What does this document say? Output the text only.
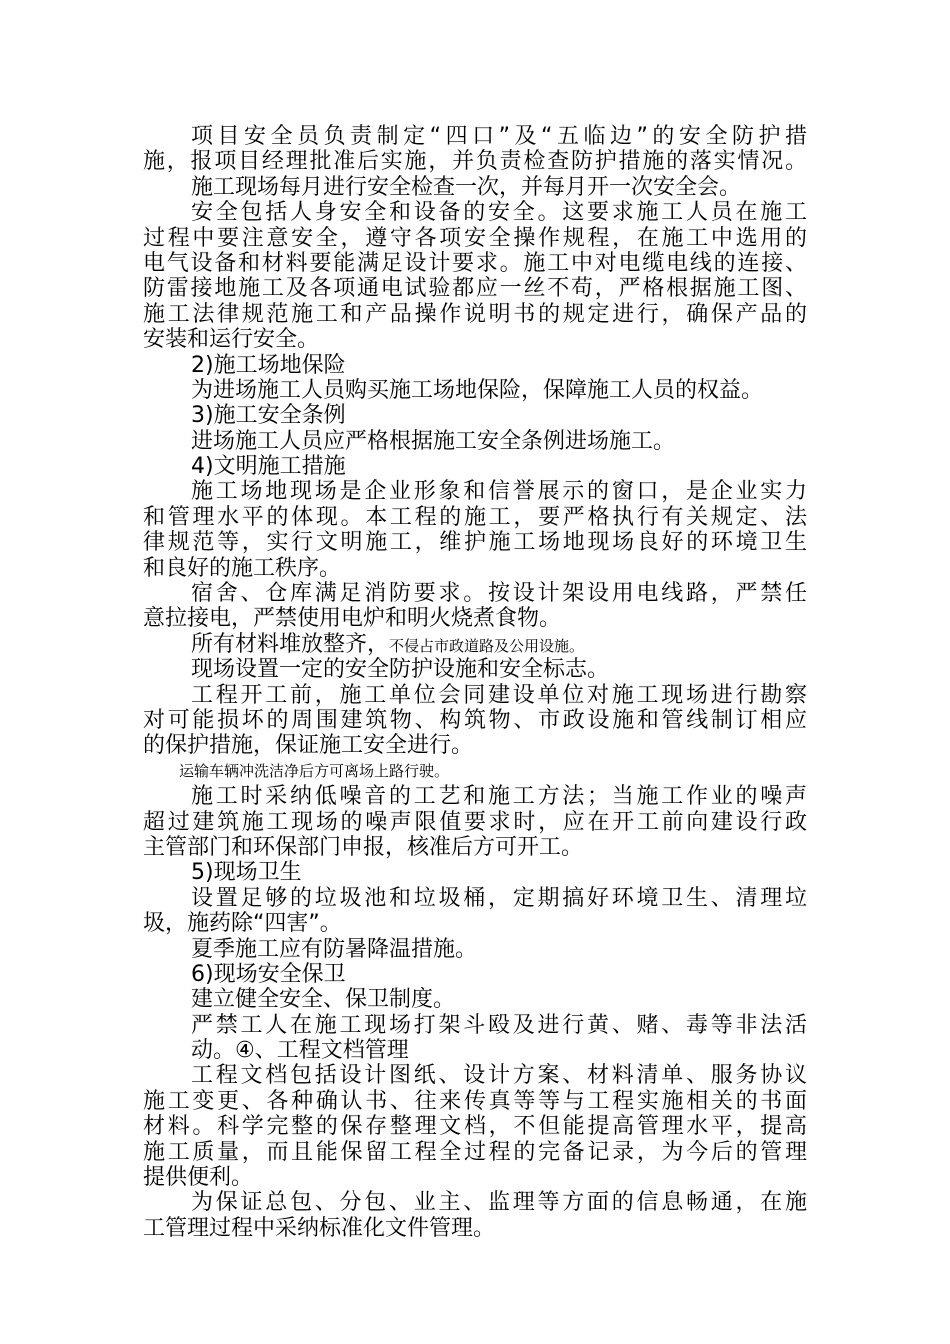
项目安全员负责制定“四口”及“五临边”的安全防护措
施，报项目经理批准后实施，并负责检查防护措施的落实情况。
施工现场每月进行安全检查一次，并每月开一次安全会。
安全包括人身安全和设备的安全。这要求施工人员在施工
过程中要注意安全，遵守各项安全操作规程，在施工中选用的
电气设备和材料要能满足设计要求。施工中对电缆电线的连接、
防雷接地施工及各项通电试验都应一丝不苟，严格根据施工图、
施工法律规范施工和产品操作说明书的规定进行，确保产品的
安装和运行安全。
2)施工场地保险
为进场施工人员购买施工场地保险，保障施工人员的权益。
3)施工安全条例
进场施工人员应严格根据施工安全条例进场施工。
4)文明施工措施
施工场地现场是企业形象和信誉展示的窗口，是企业实力
和管理水平的体现。本工程的施工，要严格执行有关规定、法
律规范等，实行文明施工，维护施工场地现场良好的环境卫生
和良好的施工秩序。
宿舍、仓库满足消防要求。按设计架设用电线路，严禁任
意拉接电，严禁使用电炉和明火烧煮食物。
所有材料堆放整齐，不侵占市政道路及公用设施。
现场设置一定的安全防护设施和安全标志。
工程开工前，施工单位会同建设单位对施工现场进行勘察
对可能损坏的周围建筑物、构筑物、市政设施和管线制订相应
的保护措施，保证施工安全进行。
运输车辆冲洗洁净后方可离场上路行驶。
施工时采纳低噪音的工艺和施工方法；当施工作业的噪声
超过建筑施工现场的噪声限值要求时，应在开工前向建设行政
主管部门和环保部门申报，核准后方可开工。
5)现场卫生
设置足够的垃圾池和垃圾桶，定期搞好环境卫生、清理垃
圾，施药除“四害”。
夏季施工应有防暑降温措施。
6)现场安全保卫
建立健全安全、保卫制度。
严禁工人在施工现场打架斗殴及进行黄、赌、毒等非法活
动。④、工程文档管理
工程文档包括设计图纸、设计方案、材料清单、服务协议
施工变更、各种确认书、往来传真等等与工程实施相关的书面
材料。科学完整的保存整理文档，不但能提高管理水平，提高
施工质量，而且能保留工程全过程的完备记录，为今后的管理
提供便利。
为保证总包、分包、业主、监理等方面的信息畅通，在施
工管理过程中采纳标准化文件管理。
